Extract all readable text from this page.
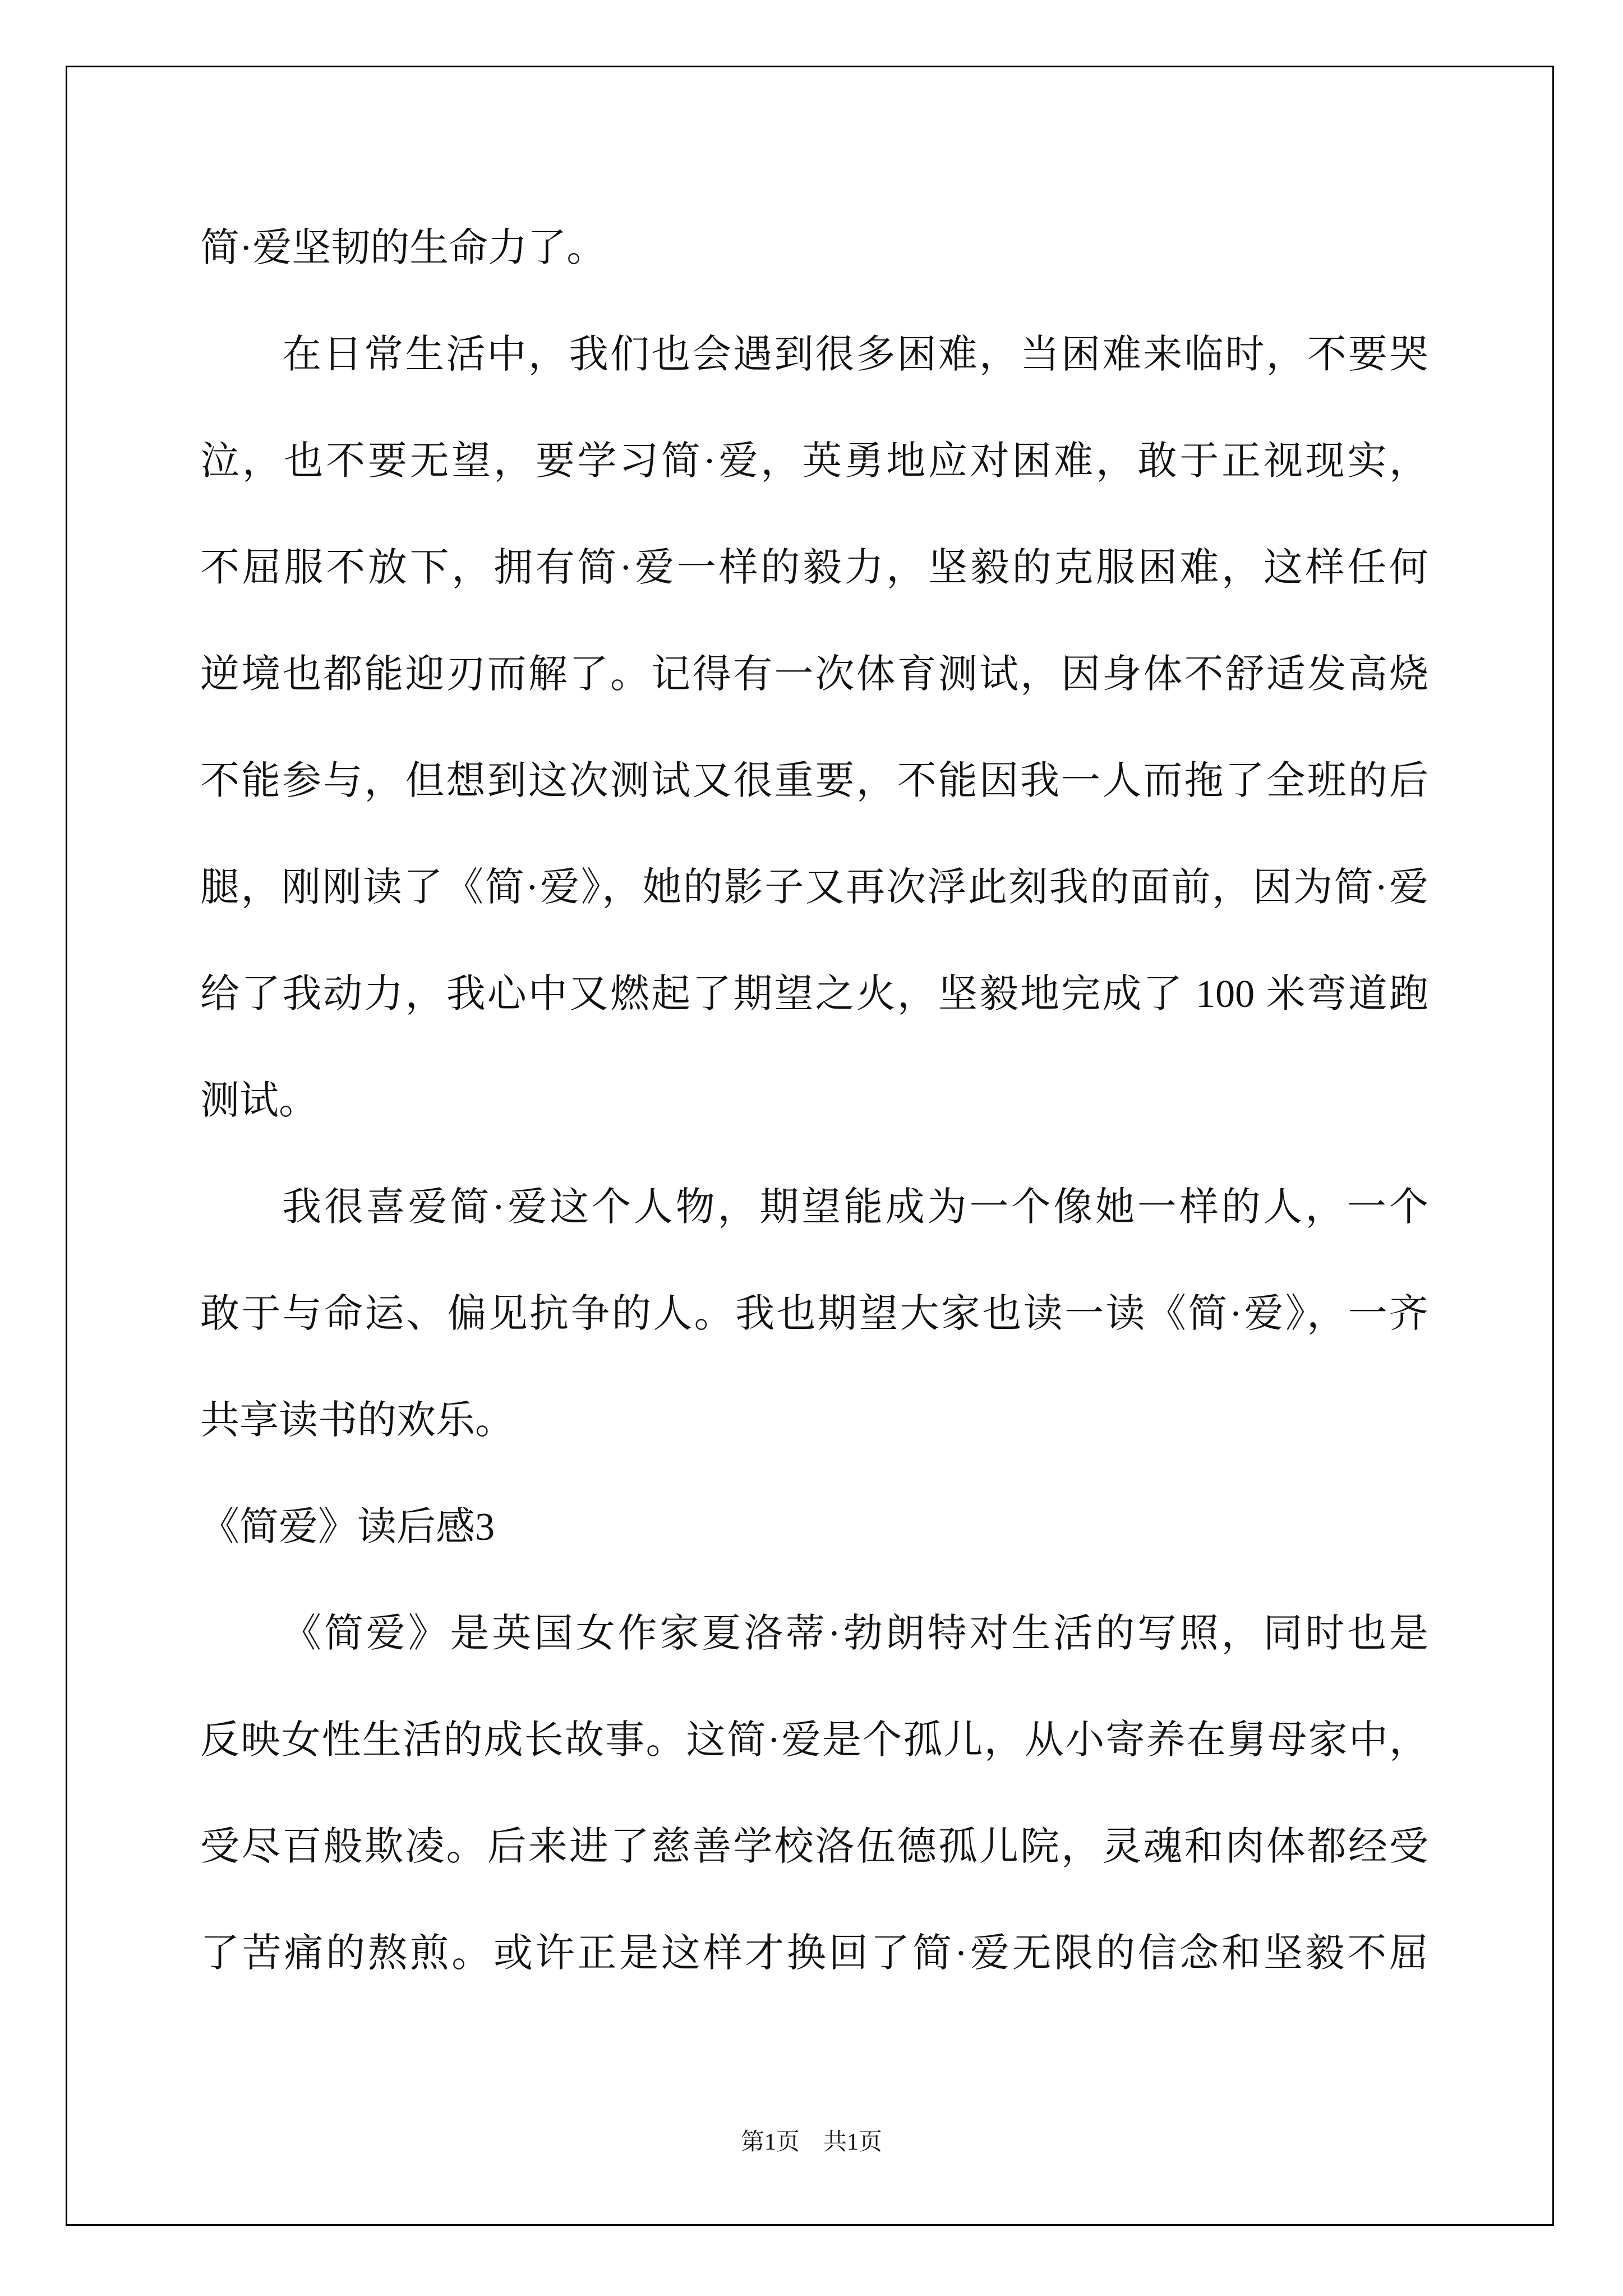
简·爱坚韧的生命力了。
在日常生活中，我们也会遇到很多困难，当困难来临时，不要哭
泣，也不要无望，要学习简·爱，英勇地应对困难，敢于正视现实，
不屈服不放下，拥有简·爱一样的毅力，坚毅的克服困难，这样任何
逆境也都能迎刃而解了。记得有一次体育测试，因身体不舒适发高烧
不能参与，但想到这次测试又很重要，不能因我一人而拖了全班的后
腿，刚刚读了《简·爱》，她的影子又再次浮此刻我的面前，因为简·爱
给了我动力，我心中又燃起了期望之火，坚毅地完成了 100 米弯道跑
测试。
我很喜爱简·爱这个人物，期望能成为一个像她一样的人，一个
敢于与命运、偏见抗争的人。我也期望大家也读一读《简·爱》，一齐
共享读书的欢乐。
《简爱》读后感3
《简爱》是英国女作家夏洛蒂·勃朗特对生活的写照，同时也是
反映女性生活的成长故事。这简·爱是个孤儿，从小寄养在舅母家中，
受尽百般欺凌。后来进了慈善学校洛伍德孤儿院，灵魂和肉体都经受
了苦痛的熬煎。或许正是这样才换回了简·爱无限的信念和坚毅不屈
第1页　共1页
